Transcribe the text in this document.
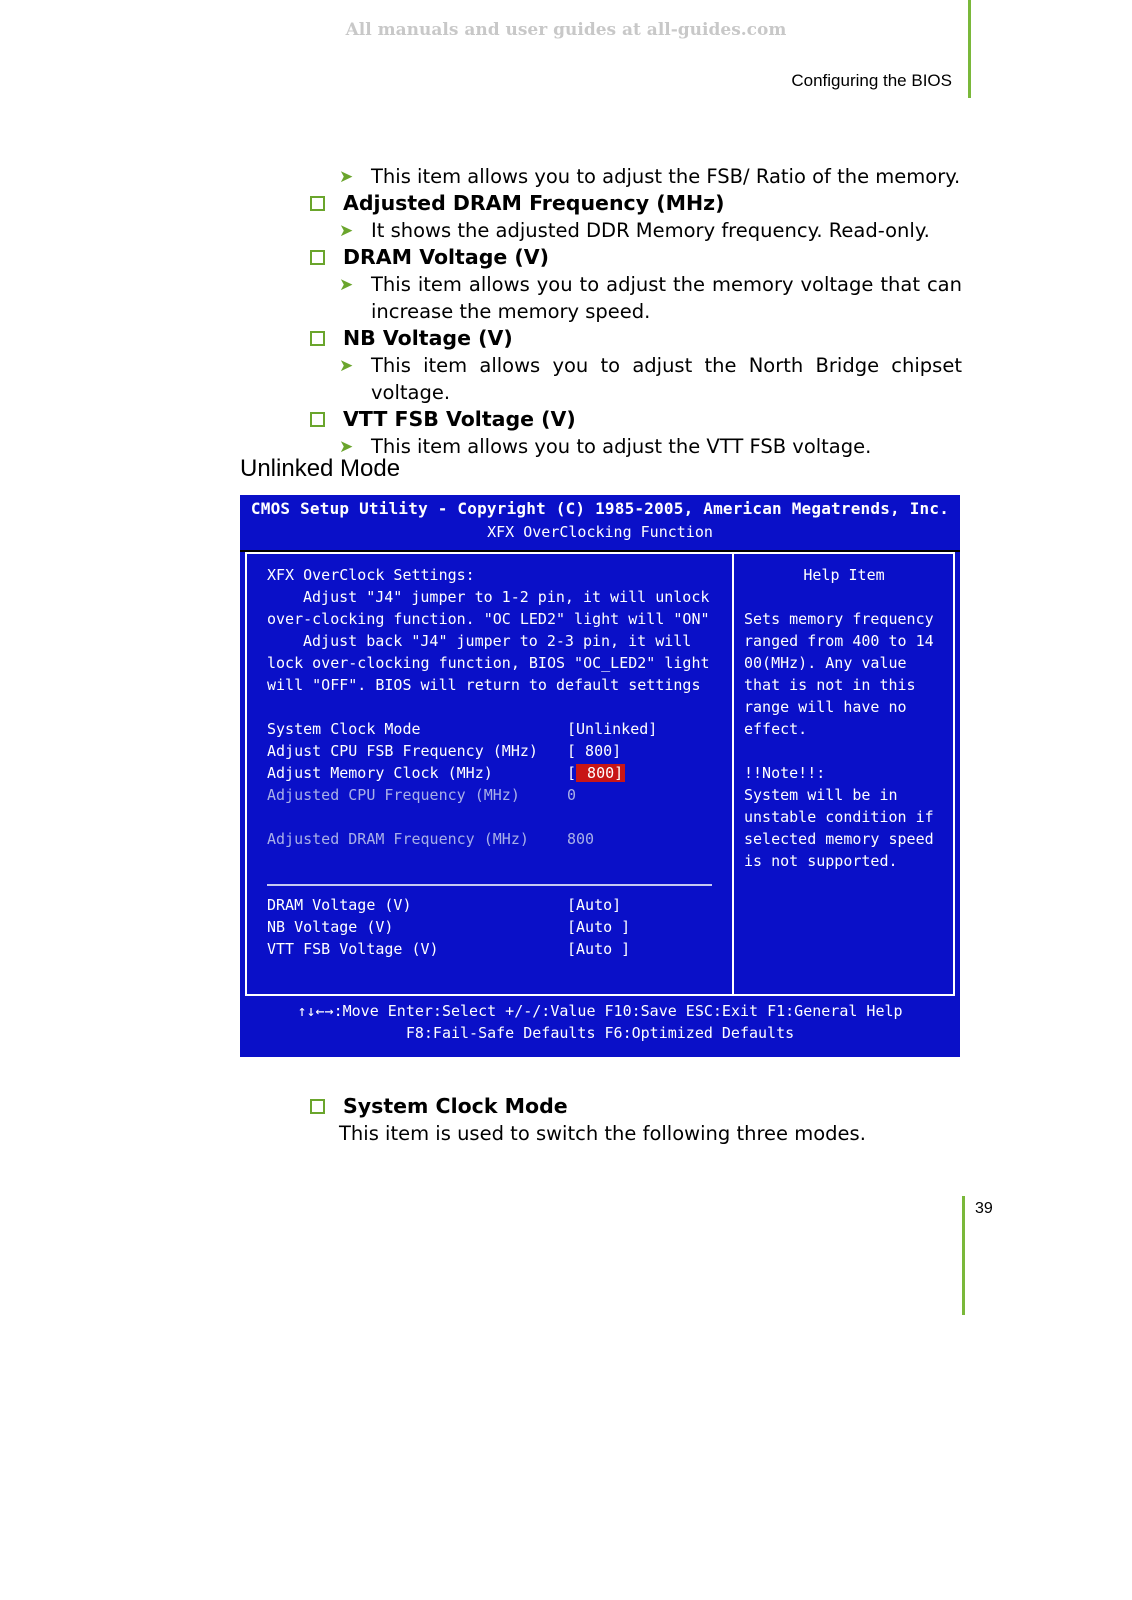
All manuals and user guides at all-guides.com
Configuring the BIOS
➤ This item allows you to adjust the FSB/ Ratio of the memory.
Adjusted DRAM Frequency (MHz)
➤ It shows the adjusted DDR Memory frequency. Read-only.
DRAM Voltage (V)
➤ This item allows you to adjust the memory voltage that can increase the memory speed.
NB Voltage (V)
➤ This item allows you to adjust the North Bridge chipset voltage.
VTT FSB Voltage (V)
➤ This item allows you to adjust the VTT FSB voltage.
Unlinked Mode
CMOS Setup Utility - Copyright (C) 1985-2005, American Megatrends, Inc.
XFX OverClocking Function
XFX OverClock Settings:
Adjust "J4" jumper to 1-2 pin, it will unlock
over-clocking function. "OC LED2" light will "ON"
Adjust back "J4" jumper to 2-3 pin, it will
lock over-clocking function, BIOS "OC_LED2" light
will "OFF". BIOS will return to default settings
System Clock Mode	[Unlinked]
Adjust CPU FSB Frequency (MHz) [ 800]
Adjust Memory Clock (MHz)	[ 800]
Adjusted CPU Frequency (MHz)	0
Adjusted DRAM Frequency (MHz)	800
DRAM Voltage (V)	[Auto]
NB Voltage (V)	[Auto ]
VTT FSB Voltage (V)	[Auto ]
Help Item

Sets memory frequency
ranged from 400 to 14
00(MHz). Any value
that is not in this
range will have no
effect.
!!Note!!:
System will be in
unstable condition if
selected memory speed
is not supported.
↑↓←→:Move Enter:Select +/-/:Value F10:Save ESC:Exit F1:General Help
F8:Fail-Safe Defaults F6:Optimized Defaults
System Clock Mode
This item is used to switch the following three modes.
39
